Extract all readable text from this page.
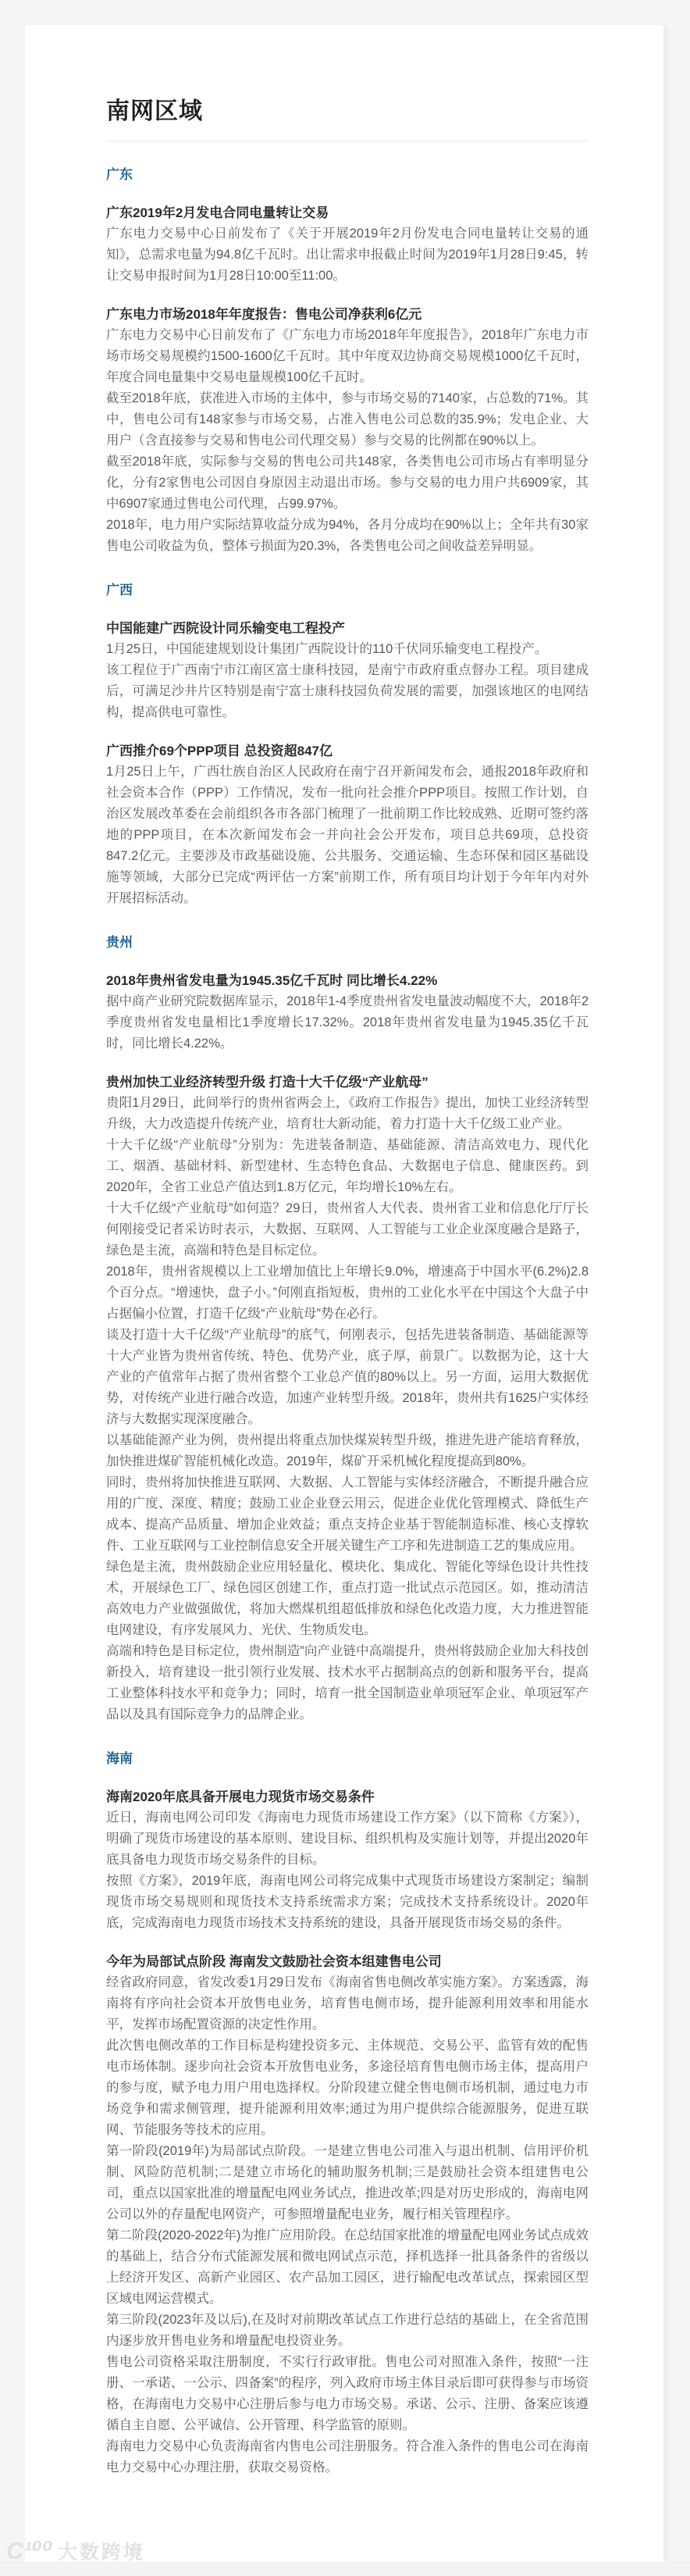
南网区域
广东
广东2019年2月发电合同电量转让交易

广东电力交易中心日前发布了《关于开展2019年2月份发电合同电量转让交易的通知》，总需求电量为94.8亿千瓦时。出让需求申报截止时间为2019年1月28日9:45，转让交易申报时间为1月28日10:00至11:00。

广东电力市场2018年年度报告：售电公司净获利6亿元

广东电力交易中心日前发布了《广东电力市场2018年年度报告》，2018年广东电力市场市场交易规模约1500-1600亿千瓦时。其中年度双边协商交易规模1000亿千瓦时，年度合同电量集中交易电量规模100亿千瓦时。

截至2018年底，获准进入市场的主体中，参与市场交易的7140家，占总数的71%。其中，售电公司有148家参与市场交易，占准入售电公司总数的35.9%；发电企业、大用户（含直接参与交易和售电公司代理交易）参与交易的比例都在90%以上。

截至2018年底，实际参与交易的售电公司共148家，各类售电公司市场占有率明显分化，分有2家售电公司因自身原因主动退出市场。参与交易的电力用户共6909家，其中6907家通过售电公司代理，占99.97%。

2018年，电力用户实际结算收益分成为94%，各月分成均在90%以上；全年共有30家售电公司收益为负，整体亏损面为20.3%，各类售电公司之间收益差异明显。

广西
中国能建广西院设计同乐输变电工程投产

1月25日，中国能建规划设计集团广西院设计的110千伏同乐输变电工程投产。

该工程位于广西南宁市江南区富士康科技园，是南宁市政府重点督办工程。项目建成后，可满足沙井片区特别是南宁富士康科技园负荷发展的需要，加强该地区的电网结构，提高供电可靠性。

广西推介69个PPP项目 总投资超847亿

1月25日上午，广西壮族自治区人民政府在南宁召开新闻发布会，通报2018年政府和社会资本合作（PPP）工作情况，发布一批向社会推介PPP项目。按照工作计划，自治区发展改革委在会前组织各市各部门梳理了一批前期工作比较成熟、近期可签约落地的PPP项目，在本次新闻发布会一并向社会公开发布，项目总共69项，总投资847.2亿元。主要涉及市政基础设施、公共服务、交通运输、生态环保和园区基础设施等领域，大部分已完成“两评估一方案”前期工作，所有项目均计划于今年年内对外开展招标活动。

贵州
2018年贵州省发电量为1945.35亿千瓦时 同比增长4.22%

据中商产业研究院数据库显示，2018年1-4季度贵州省发电量波动幅度不大，2018年2季度贵州省发电量相比1季度增长17.32%。2018年贵州省发电量为1945.35亿千瓦时，同比增长4.22%。

贵州加快工业经济转型升级 打造十大千亿级“产业航母”

贵阳1月29日，此间举行的贵州省两会上，《政府工作报告》提出，加快工业经济转型升级，大力改造提升传统产业，培育壮大新动能，着力打造十大千亿级工业产业。

十大千亿级“产业航母”分别为：先进装备制造、基础能源、清洁高效电力、现代化工、烟酒、基础材料、新型建材、生态特色食品、大数据电子信息、健康医药。到2020年，全省工业总产值达到1.8万亿元，年均增长10%左右。

十大千亿级“产业航母”如何造？29日，贵州省人大代表、贵州省工业和信息化厅厅长何刚接受记者采访时表示，大数据、互联网、人工智能与工业企业深度融合是路子，绿色是主流，高端和特色是目标定位。

2018年，贵州省规模以上工业增加值比上年增长9.0%，增速高于中国水平(6.2%)2.8个百分点。“增速快，盘子小。”何刚直指短板，贵州的工业化水平在中国这个大盘子中占据偏小位置，打造千亿级“产业航母”势在必行。

谈及打造十大千亿级“产业航母”的底气，何刚表示，包括先进装备制造、基础能源等十大产业皆为贵州省传统、特色、优势产业，底子厚，前景广。以数据为论，这十大产业的产值常年占据了贵州省整个工业总产值的80%以上。另一方面，运用大数据优势，对传统产业进行融合改造，加速产业转型升级。2018年，贵州共有1625户实体经济与大数据实现深度融合。

以基础能源产业为例，贵州提出将重点加快煤炭转型升级，推进先进产能培育释放，加快推进煤矿智能机械化改造。2019年，煤矿开采机械化程度提高到80%。

同时，贵州将加快推进互联网、大数据、人工智能与实体经济融合，不断提升融合应用的广度、深度、精度；鼓励工业企业登云用云，促进企业优化管理模式、降低生产成本、提高产品质量、增加企业效益；重点支持企业基于智能制造标准、核心支撑软件、工业互联网与工业控制信息安全开展关键生产工序和先进制造工艺的集成应用。

绿色是主流，贵州鼓励企业应用轻量化、模块化、集成化、智能化等绿色设计共性技术，开展绿色工厂、绿色园区创建工作，重点打造一批试点示范园区。如，推动清洁高效电力产业做强做优，将加大燃煤机组超低排放和绿色化改造力度，大力推进智能电网建设，有序发展风力、光伏、生物质发电。

高端和特色是目标定位，贵州制造”向产业链中高端提升，贵州将鼓励企业加大科技创新投入，培育建设一批引领行业发展、技术水平占据制高点的创新和服务平台，提高工业整体科技水平和竞争力；同时，培育一批全国制造业单项冠军企业、单项冠军产品以及具有国际竞争力的品牌企业。

海南
海南2020年底具备开展电力现货市场交易条件

近日，海南电网公司印发《海南电力现货市场建设工作方案》（以下简称《方案》），明确了现货市场建设的基本原则、建设目标、组织机构及实施计划等，并提出2020年底具备电力现货市场交易条件的目标。

按照《方案》，2019年底，海南电网公司将完成集中式现货市场建设方案制定；编制现货市场交易规则和现货技术支持系统需求方案；完成技术支持系统设计。2020年底，完成海南电力现货市场技术支持系统的建设，具备开展现货市场交易的条件。

今年为局部试点阶段 海南发文鼓励社会资本组建售电公司

经省政府同意，省发改委1月29日发布《海南省售电侧改革实施方案》。方案透露，海南将有序向社会资本开放售电业务，培育售电侧市场，提升能源利用效率和用能水平，发挥市场配置资源的决定性作用。

此次售电侧改革的工作目标是构建投资多元、主体规范、交易公平、监管有效的配售电市场体制。逐步向社会资本开放售电业务，多途径培育售电侧市场主体，提高用户的参与度，赋予电力用户用电选择权。分阶段建立健全售电侧市场机制，通过电力市场竞争和需求侧管理，提升能源利用效率;通过为用户提供综合能源服务，促进互联网、节能服务等技术的应用。

第一阶段(2019年)为局部试点阶段。一是建立售电公司准入与退出机制、信用评价机制、风险防范机制;二是建立市场化的辅助服务机制;三是鼓励社会资本组建售电公司，重点以国家批准的增量配电网业务试点，推进改革;四是对历史形成的，海南电网公司以外的存量配电网资产，可参照增量配电业务，履行相关管理程序。

第二阶段(2020-2022年)为推广应用阶段。在总结国家批准的增量配电网业务试点成效的基础上，结合分布式能源发展和微电网试点示范，择机选择一批具备条件的省级以上经济开发区、高新产业园区、农产品加工园区，进行输配电改革试点，探索园区型区域电网运营模式。

第三阶段(2023年及以后),在及时对前期改革试点工作进行总结的基础上，在全省范围内逐步放开售电业务和增量配电投资业务。

售电公司资格采取注册制度，不实行行政审批。售电公司对照准入条件，按照“一注册、一承诺、一公示、四备案”的程序，列入政府市场主体目录后即可获得参与市场资格，在海南电力交易中心注册后参与电力市场交易。承诺、公示、注册、备案应该遵循自主自愿、公平诚信、公开管理、科学监管的原则。

海南电力交易中心负责海南省内售电公司注册服务。符合准入条件的售电公司在海南电力交易中心办理注册，获取交易资格。

C¹⁰⁰ 大数跨境
